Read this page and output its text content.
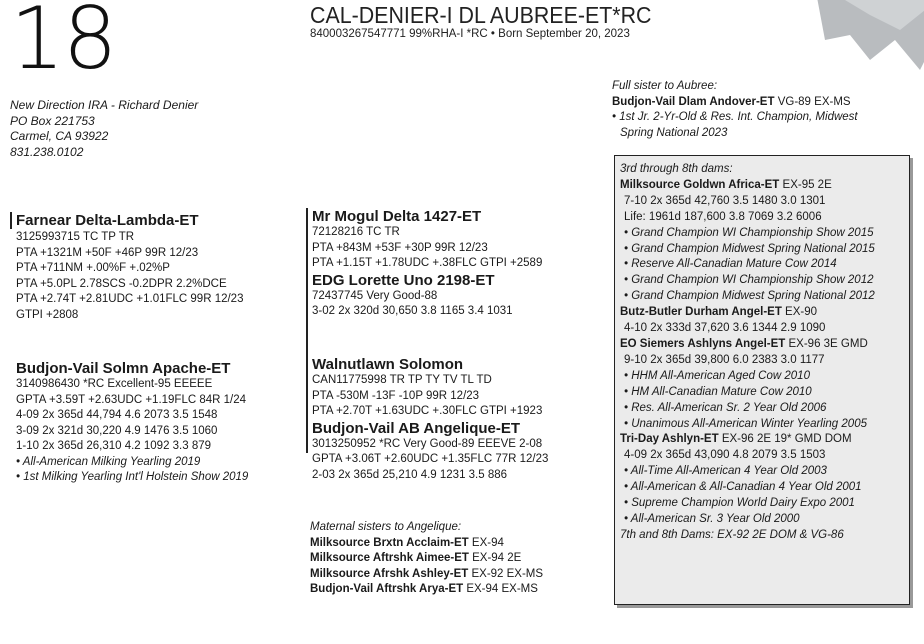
18
New Direction IRA - Richard Denier
PO Box 221753
Carmel, CA 93922
831.238.0102
CAL-DENIER-I DL AUBREE-ET*RC
840003267547771 99%RHA-I *RC • Born September 20, 2023
Farnear Delta-Lambda-ET
3125993715 TC TP TR
PTA +1321M +50F +46P 99R 12/23
PTA +711NM +.00%F +.02%P
PTA +5.0PL 2.78SCS -0.2DPR 2.2%DCE
PTA +2.74T +2.81UDC +1.01FLC 99R 12/23
GTPI +2808
Budjon-Vail Solmn Apache-ET
3140986430 *RC Excellent-95 EEEEE
GPTA +3.59T +2.63UDC +1.19FLC 84R 1/24
4-09 2x 365d 44,794 4.6 2073 3.5 1548
3-09 2x 321d 30,220 4.9 1476 3.5 1060
1-10 2x 365d 26,310 4.2 1092 3.3 879
• All-American Milking Yearling 2019
• 1st Milking Yearling Int'l Holstein Show 2019
Mr Mogul Delta 1427-ET
72128216 TC TR
PTA +843M +53F +30P 99R 12/23
PTA +1.15T +1.78UDC +.38FLC GTPI +2589
EDG Lorette Uno 2198-ET
72437745 Very Good-88
3-02 2x 320d 30,650 3.8 1165 3.4 1031
Walnutlawn Solomon
CAN11775998 TR TP TY TV TL TD
PTA -530M -13F -10P 99R 12/23
PTA +2.70T +1.63UDC +.30FLC GTPI +1923
Budjon-Vail AB Angelique-ET
3013250952 *RC Very Good-89 EEEVE 2-08
GPTA +3.06T +2.60UDC +1.35FLC 77R 12/23
2-03 2x 365d 25,210 4.9 1231 3.5 886
Maternal sisters to Angelique:
Milksource Brxtn Acclaim-ET EX-94
Milksource Aftrshk Aimee-ET EX-94 2E
Milksource Afrshk Ashley-ET EX-92 EX-MS
Budjon-Vail Aftrshk Arya-ET EX-94 EX-MS
Full sister to Aubree:
Budjon-Vail Dlam Andover-ET VG-89 EX-MS
• 1st Jr. 2-Yr-Old & Res. Int. Champion, Midwest
Spring National 2023
3rd through 8th dams:
Milksource Goldwn Africa-ET EX-95 2E
7-10 2x 365d 42,760 3.5 1480 3.0 1301
Life: 1961d 187,600 3.8 7069 3.2 6006
• Grand Champion WI Championship Show 2015
• Grand Champion Midwest Spring National 2015
• Reserve All-Canadian Mature Cow 2014
• Grand Champion WI Championship Show 2012
• Grand Champion Midwest Spring National 2012
Butz-Butler Durham Angel-ET EX-90
4-10 2x 333d 37,620 3.6 1344 2.9 1090
EO Siemers Ashlyns Angel-ET EX-96 3E GMD
9-10 2x 365d 39,800 6.0 2383 3.0 1177
• HHM All-American Aged Cow 2010
• HM All-Canadian Mature Cow 2010
• Res. All-American Sr. 2 Year Old 2006
• Unanimous All-American Winter Yearling 2005
Tri-Day Ashlyn-ET EX-96 2E 19* GMD DOM
4-09 2x 365d 43,090 4.8 2079 3.5 1503
• All-Time All-American 4 Year Old 2003
• All-American & All-Canadian 4 Year Old 2001
• Supreme Champion World Dairy Expo 2001
• All-American Sr. 3 Year Old 2000
7th and 8th Dams: EX-92 2E DOM & VG-86
